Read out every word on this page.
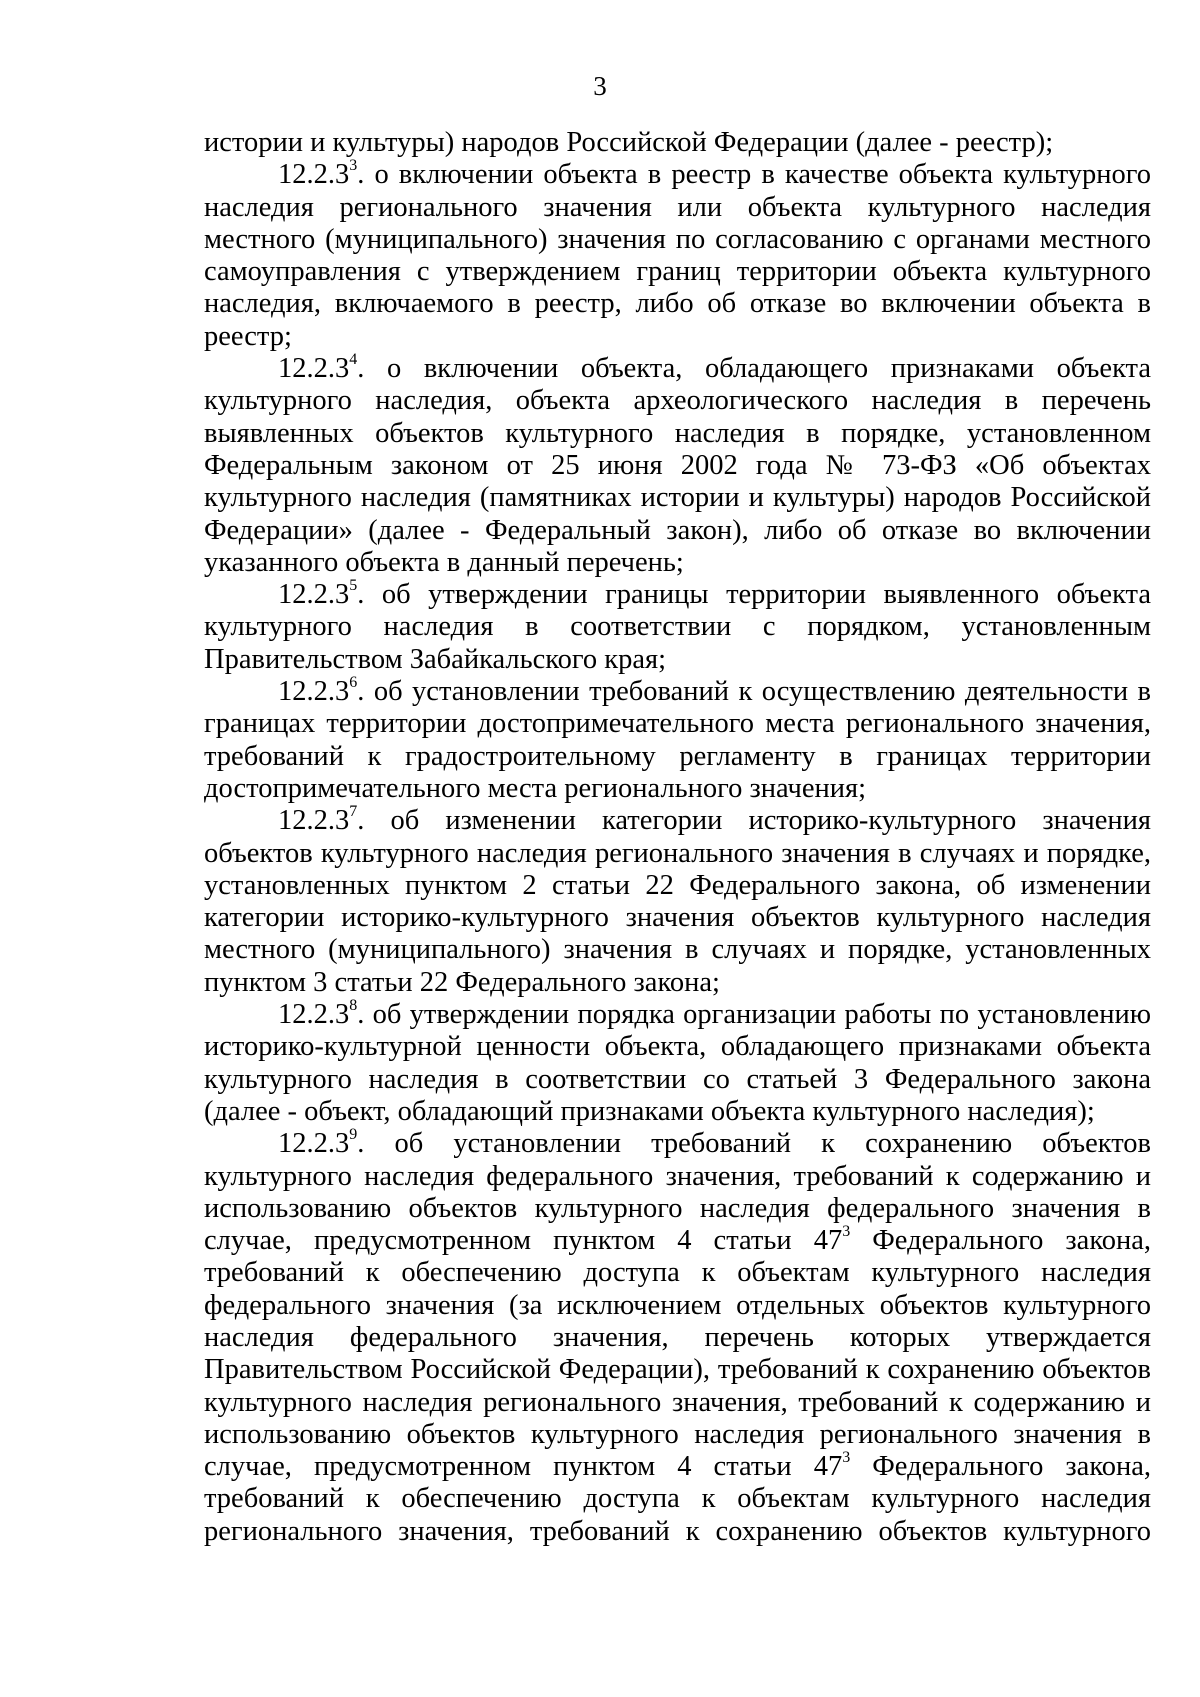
3
истории и культуры) народов Российской Федерации (далее - реестр);
12.2.3$^3$. о включении объекта в реестр в качестве объекта культурного
наследия регионального значения или объекта культурного наследия
местного (муниципального) значения по согласованию с органами местного
самоуправления с утверждением границ территории объекта культурного
наследия, включаемого в реестр, либо об отказе во включении объекта в
реестр;
12.2.3$^4$. о включении объекта, обладающего признаками объекта
культурного наследия, объекта археологического наследия в перечень
выявленных объектов культурного наследия в порядке, установленном
Федеральным законом от 25 июня 2002 года № 73-ФЗ «Об объектах
культурного наследия (памятниках истории и культуры) народов Российской
Федерации» (далее - Федеральный закон), либо об отказе во включении
указанного объекта в данный перечень;
12.2.3$^5$. об утверждении границы территории выявленного объекта
культурного наследия в соответствии с порядком, установленным
Правительством Забайкальского края;
12.2.3$^6$. об установлении требований к осуществлению деятельности в
границах территории достопримечательного места регионального значения,
требований к градостроительному регламенту в границах территории
достопримечательного места регионального значения;
12.2.3$^7$. об изменении категории историко-культурного значения
объектов культурного наследия регионального значения в случаях и порядке,
установленных пунктом 2 статьи 22 Федерального закона, об изменении
категории историко-культурного значения объектов культурного наследия
местного (муниципального) значения в случаях и порядке, установленных
пунктом 3 статьи 22 Федерального закона;
12.2.3$^8$. об утверждении порядка организации работы по установлению
историко-культурной ценности объекта, обладающего признаками объекта
культурного наследия в соответствии со статьей 3 Федерального закона
(далее - объект, обладающий признаками объекта культурного наследия);
12.2.3$^9$. об установлении требований к сохранению объектов
культурного наследия федерального значения, требований к содержанию и
использованию объектов культурного наследия федерального значения в
случае, предусмотренном пунктом 4 статьи $47^3$ Федерального закона,
требований к обеспечению доступа к объектам культурного наследия
федерального значения (за исключением отдельных объектов культурного
наследия федерального значения, перечень которых утверждается
Правительством Российской Федерации), требований к сохранению объектов
культурного наследия регионального значения, требований к содержанию и
использованию объектов культурного наследия регионального значения в
случае, предусмотренном пунктом 4 статьи $47^3$ Федерального закона,
требований к обеспечению доступа к объектам культурного наследия
регионального значения, требований к сохранению объектов культурного
